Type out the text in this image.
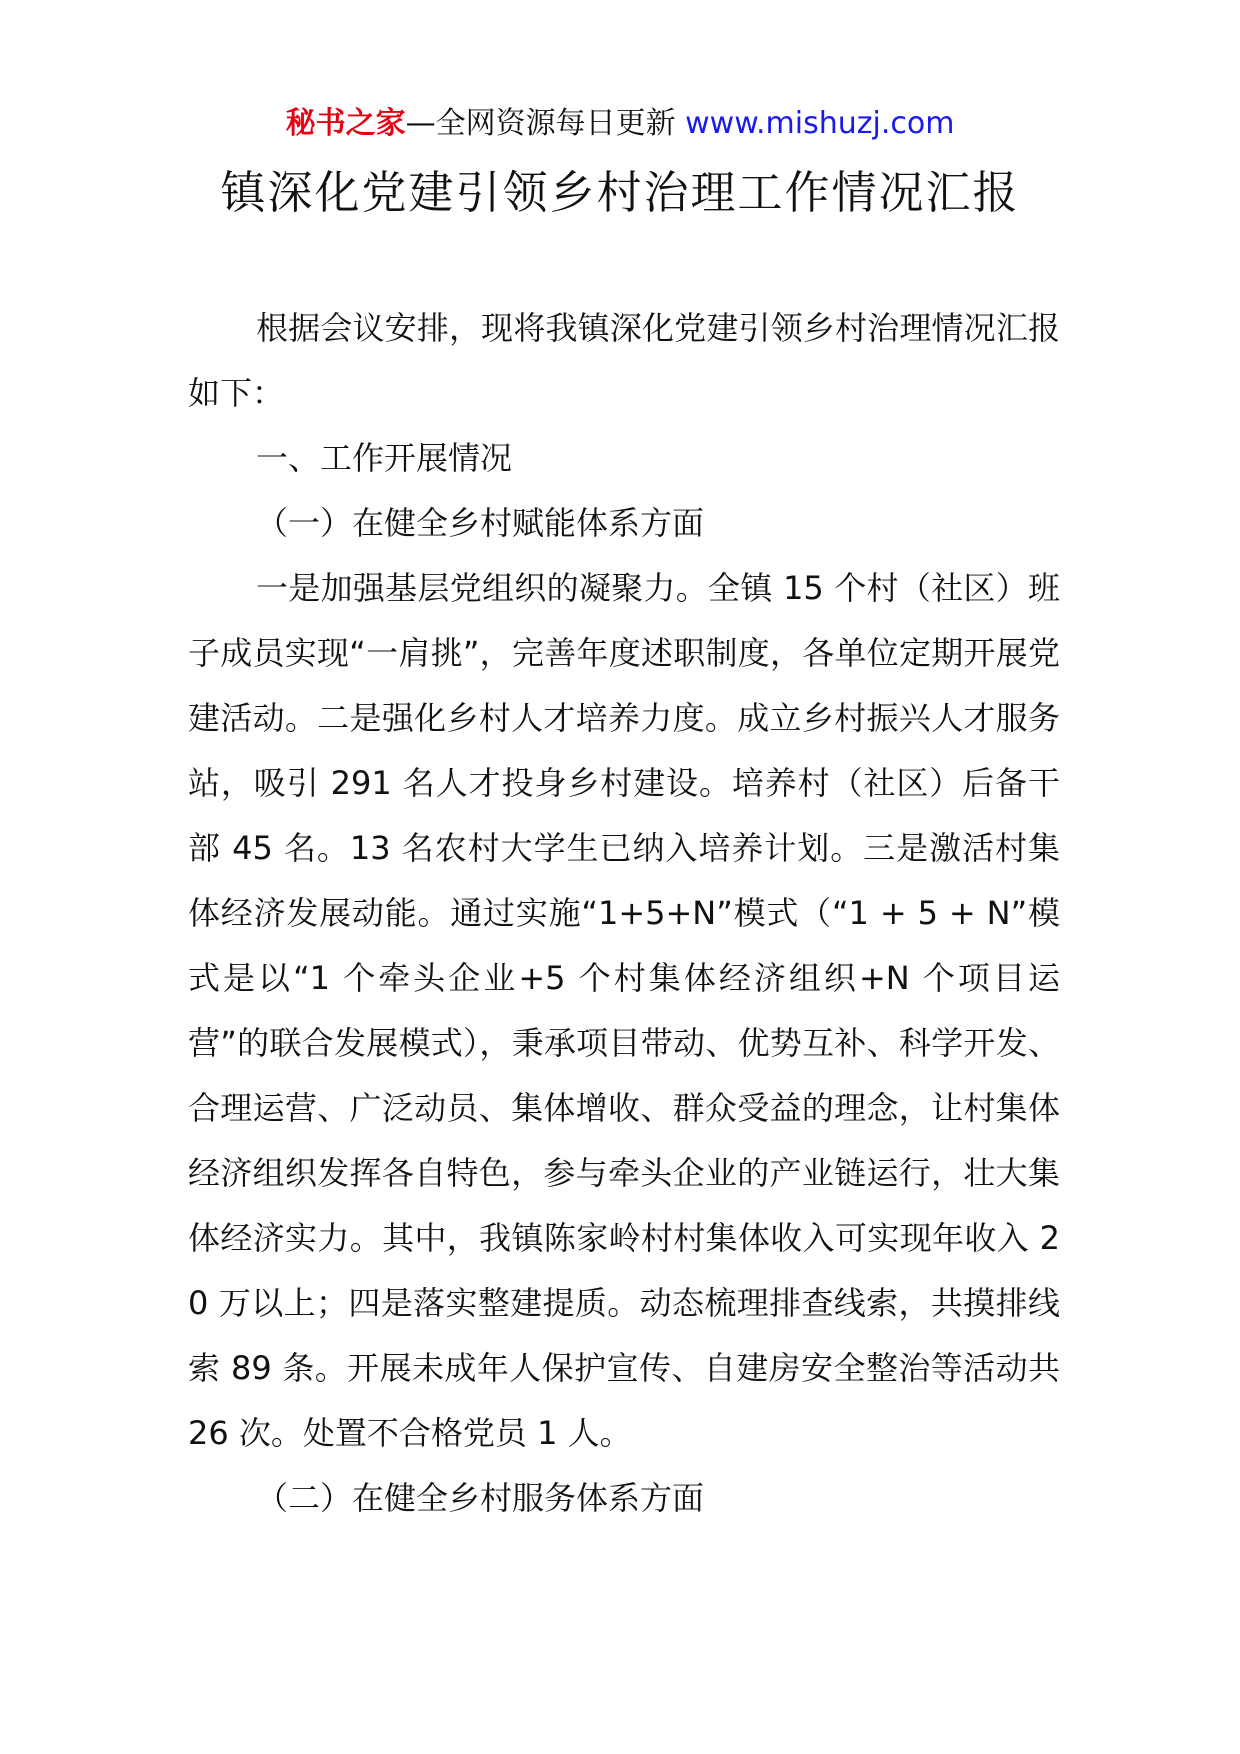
秘书之家—全网资源每日更新 www.mishuzj.com
镇深化党建引领乡村治理工作情况汇报

根据会议安排，现将我镇深化党建引领乡村治理情况汇报如下：

一、工作开展情况

（一）在健全乡村赋能体系方面

一是加强基层党组织的凝聚力。全镇 15 个村（社区）班子成员实现“一肩挑”，完善年度述职制度，各单位定期开展党建活动。二是强化乡村人才培养力度。成立乡村振兴人才服务站，吸引 291 名人才投身乡村建设。培养村（社区）后备干部 45 名。13 名农村大学生已纳入培养计划。三是激活村集体经济发展动能。通过实施“1+5+N”模式（“1 + 5 + N”模式是以“1 个牵头企业+5 个村集体经济组织+N 个项目运营”的联合发展模式），秉承项目带动、优势互补、科学开发、合理运营、广泛动员、集体增收、群众受益的理念，让村集体经济组织发挥各自特色，参与牵头企业的产业链运行，壮大集体经济实力。其中，我镇陈家岭村村集体收入可实现年收入 20 万以上；四是落实整建提质。动态梳理排查线索，共摸排线索 89 条。开展未成年人保护宣传、自建房安全整治等活动共 26 次。处置不合格党员 1 人。

（二）在健全乡村服务体系方面
